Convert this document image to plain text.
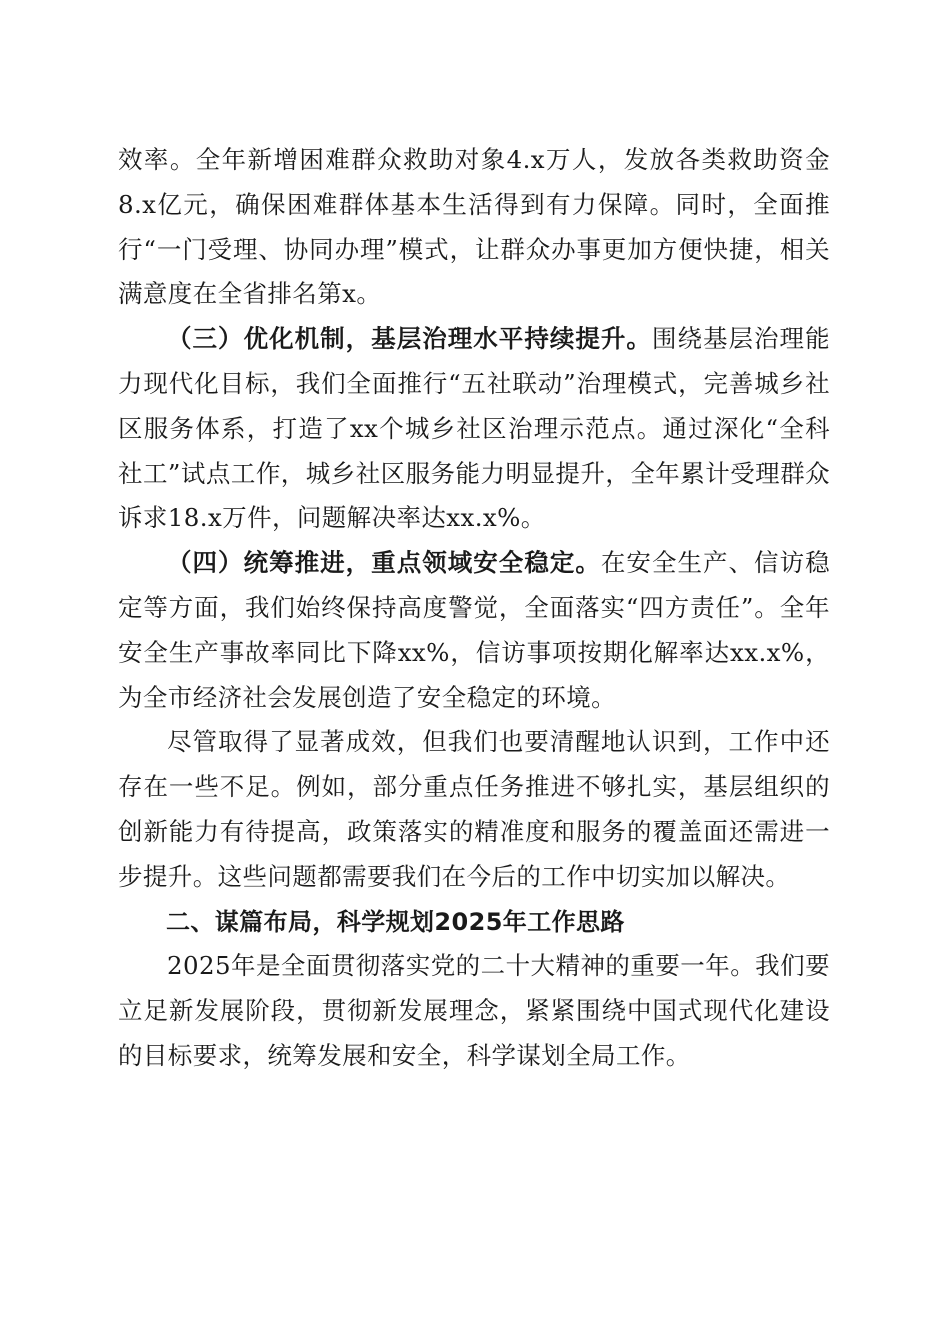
效率。全年新增困难群众救助对象4.x万人，发放各类救助资金8.x亿元，确保困难群体基本生活得到有力保障。同时，全面推行“一门受理、协同办理”模式，让群众办事更加方便快捷，相关满意度在全省排名第x。

（三）优化机制，基层治理水平持续提升。围绕基层治理能力现代化目标，我们全面推行“五社联动”治理模式，完善城乡社区服务体系，打造了xx个城乡社区治理示范点。通过深化“全科社工”试点工作，城乡社区服务能力明显提升，全年累计受理群众诉求18.x万件，问题解决率达xx.x%。

（四）统筹推进，重点领域安全稳定。在安全生产、信访稳定等方面，我们始终保持高度警觉，全面落实“四方责任”。全年安全生产事故率同比下降xx%，信访事项按期化解率达xx.x%，为全市经济社会发展创造了安全稳定的环境。

尽管取得了显著成效，但我们也要清醒地认识到，工作中还存在一些不足。例如，部分重点任务推进不够扎实，基层组织的创新能力有待提高，政策落实的精准度和服务的覆盖面还需进一步提升。这些问题都需要我们在今后的工作中切实加以解决。

二、谋篇布局，科学规划2025年工作思路

2025年是全面贯彻落实党的二十大精神的重要一年。我们要立足新发展阶段，贯彻新发展理念，紧紧围绕中国式现代化建设的目标要求，统筹发展和安全，科学谋划全局工作。
